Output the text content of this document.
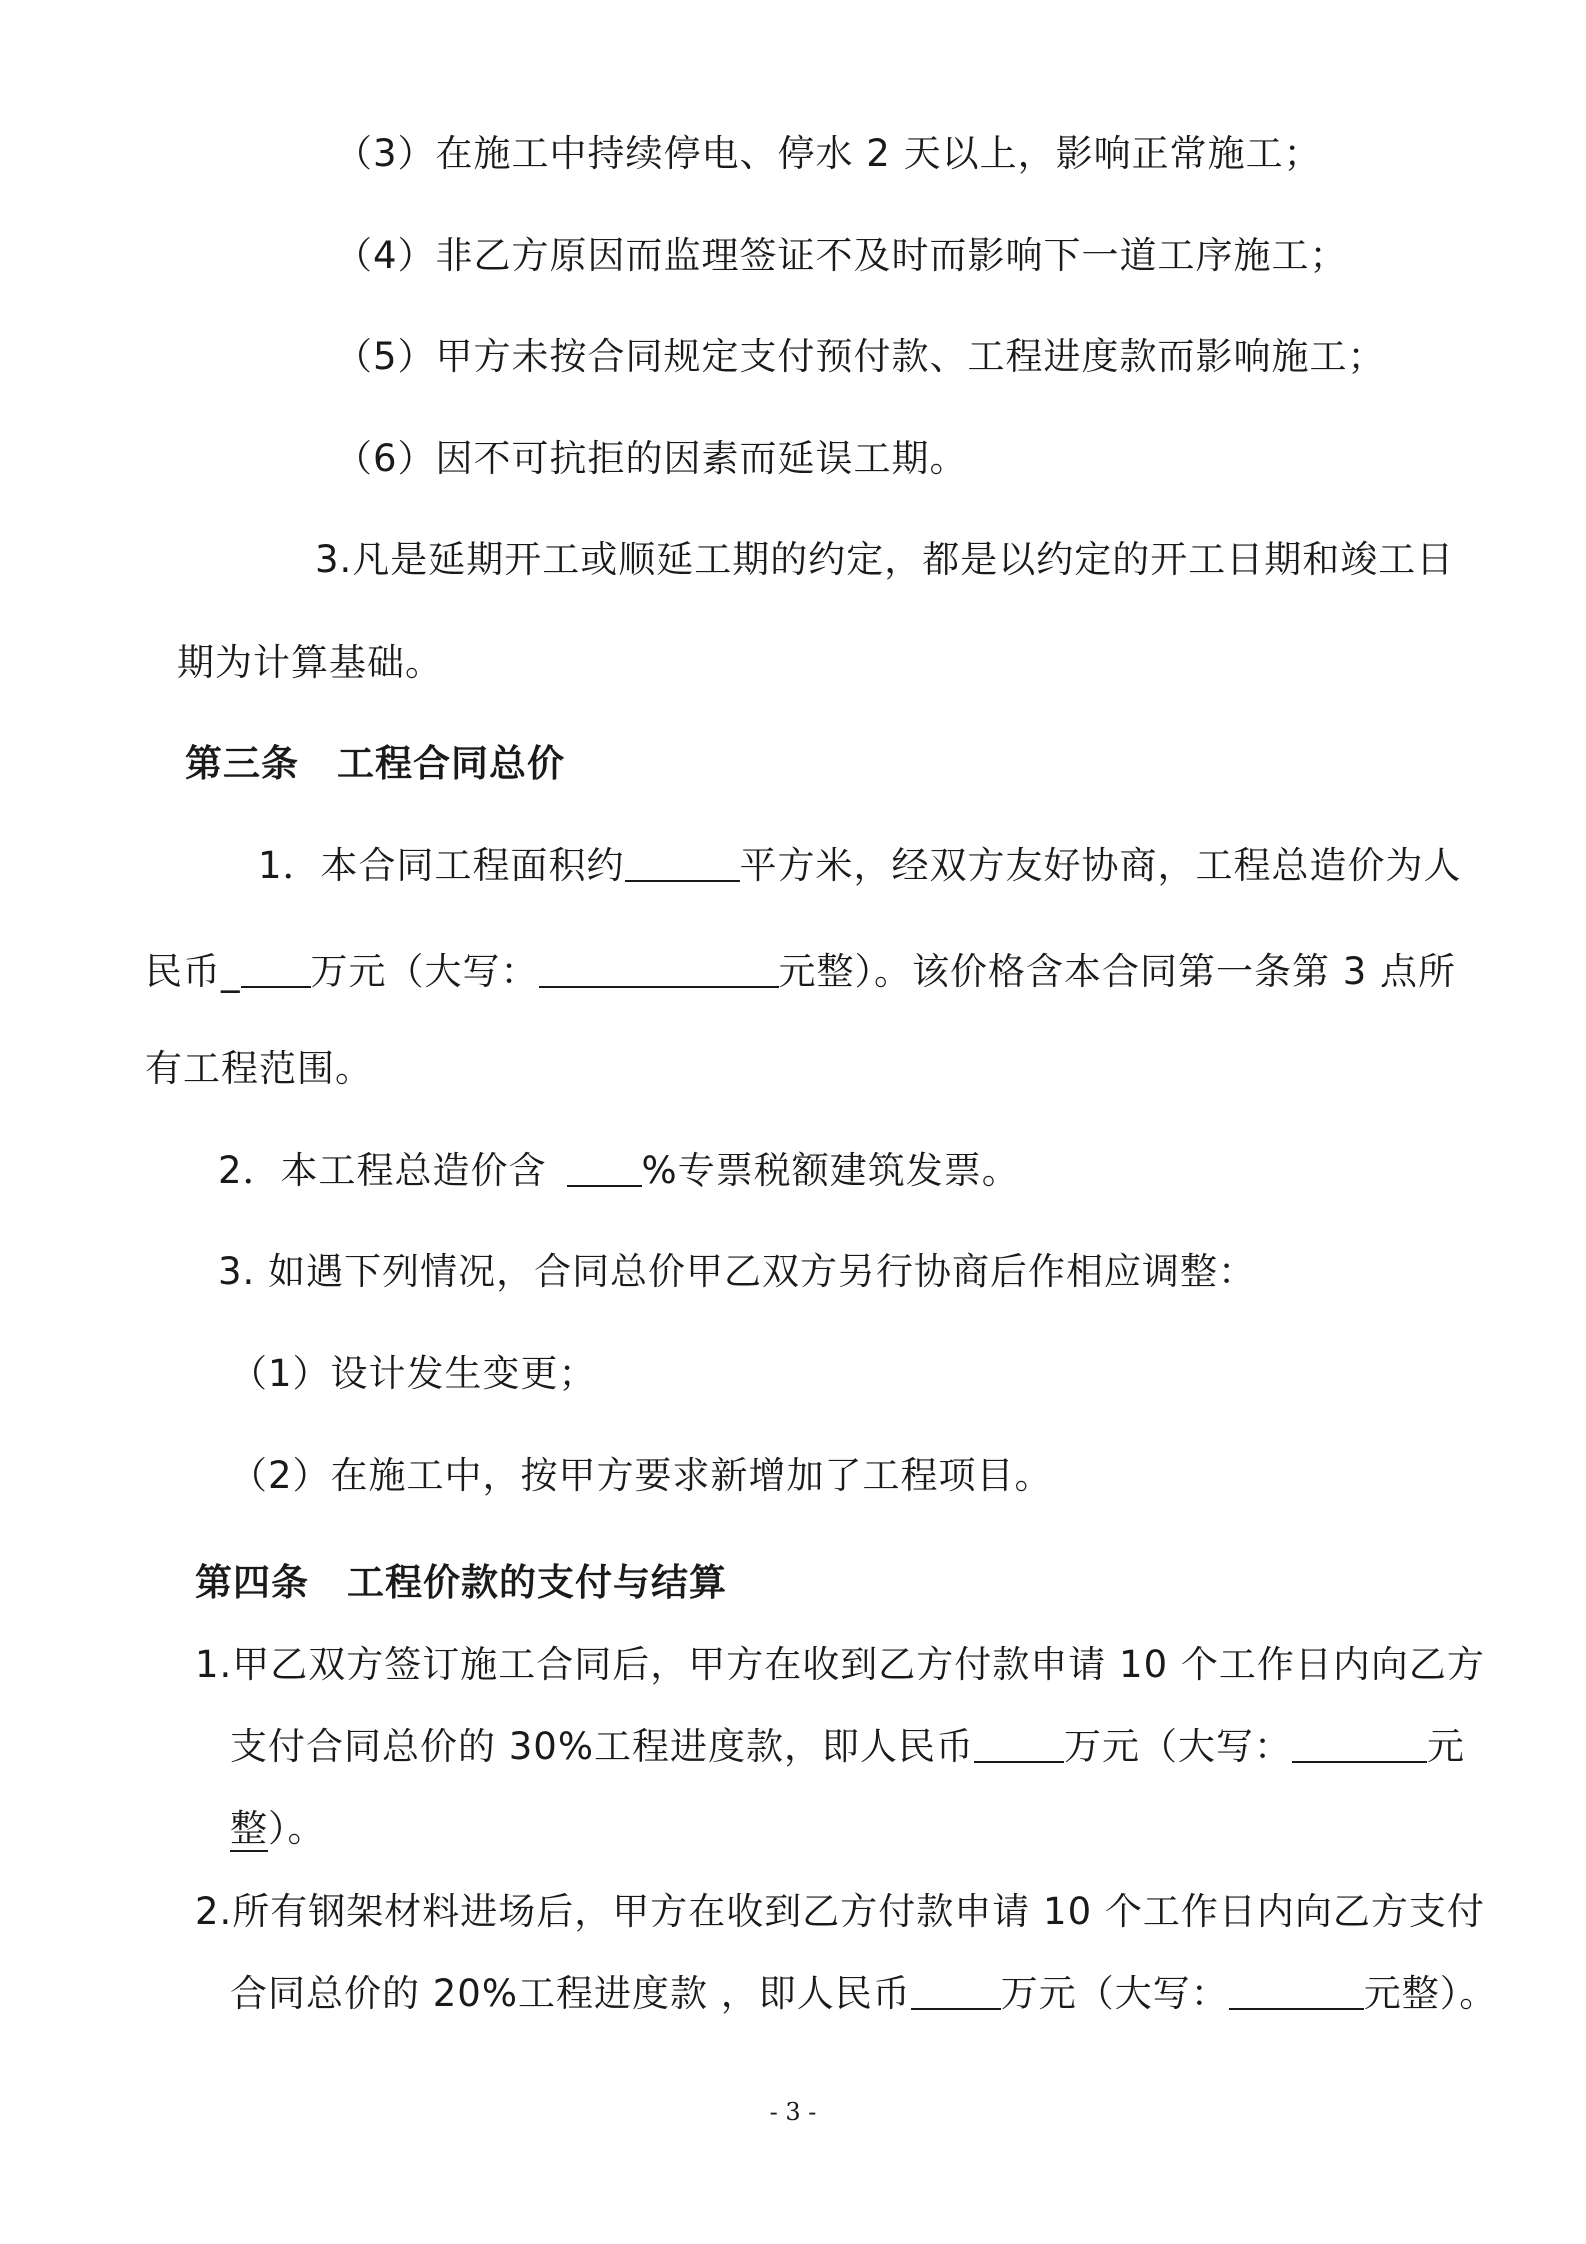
（3）在施工中持续停电、停水 2 天以上，影响正常施工；
（4）非乙方原因而监理签证不及时而影响下一道工序施工；
（5）甲方未按合同规定支付预付款、工程进度款而影响施工；
（6）因不可抗拒的因素而延误工期。
3.凡是延期开工或顺延工期的约定，都是以约定的开工日期和竣工日
期为计算基础。
第三条　工程合同总价
1．本合同工程面积约	平方米，经双方友好协商，工程总造价为人
民币_ 万元（大写：	元整）。该价格含本合同第一条第 3 点所
有工程范围。
2．本工程总造价含	%专票税额建筑发票。
3. 如遇下列情况，合同总价甲乙双方另行协商后作相应调整：
（1）设计发生变更；
（2）在施工中，按甲方要求新增加了工程项目。
第四条　工程价款的支付与结算
1.甲乙双方签订施工合同后，甲方在收到乙方付款申请 10 个工作日内向乙方
支付合同总价的 30%工程进度款，即人民币 万元（大写：	元
整）。
2.所有钢架材料进场后，甲方在收到乙方付款申请 10 个工作日内向乙方支付
合同总价的 20%工程进度款 ，即人民币 万元（大写：	元整）。
- 3 -
